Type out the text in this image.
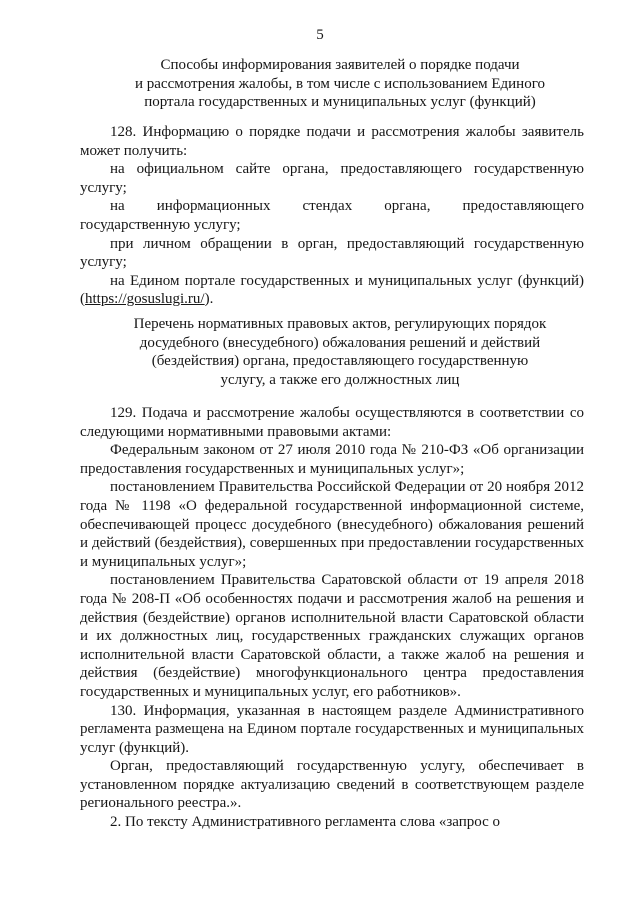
5
Способы информирования заявителей о порядке подачи
и рассмотрения жалобы, в том числе с использованием Единого
портала государственных и муниципальных услуг (функций)

128. Информацию о порядке подачи и рассмотрения жалобы заявитель может получить:

на официальном сайте органа, предоставляющего государственную услугу;

на информационных стендах органа, предоставляющего государственную услугу;

при личном обращении в орган, предоставляющий государственную услугу;

на Едином портале государственных и муниципальных услуг (функций) (https://gosuslugi.ru/).

Перечень нормативных правовых актов, регулирующих порядок
досудебного (внесудебного) обжалования решений и действий
(бездействия) органа, предоставляющего государственную
услугу, а также его должностных лиц

129. Подача и рассмотрение жалобы осуществляются в соответствии со следующими нормативными правовыми актами:

Федеральным законом от 27 июля 2010 года № 210-ФЗ «Об организации предоставления государственных и муниципальных услуг»;

постановлением Правительства Российской Федерации от 20 ноября 2012 года № 1198 «О федеральной государственной информационной системе, обеспечивающей процесс досудебного (внесудебного) обжалования решений и действий (бездействия), совершенных при предоставлении государственных и муниципальных услуг»;

постановлением Правительства Саратовской области от 19 апреля 2018 года № 208-П «Об особенностях подачи и рассмотрения жалоб на решения и действия (бездействие) органов исполнительной власти Саратовской области и их должностных лиц, государственных гражданских служащих органов исполнительной власти Саратовской области, а также жалоб на решения и действия (бездействие) многофункционального центра предоставления государственных и муниципальных услуг, его работников».

130. Информация, указанная в настоящем разделе Административного регламента размещена на Едином портале государственных и муниципальных услуг (функций).

Орган, предоставляющий государственную услугу, обеспечивает в установленном порядке актуализацию сведений в соответствующем разделе регионального реестра.».

2. По тексту Административного регламента слова «запрос о
